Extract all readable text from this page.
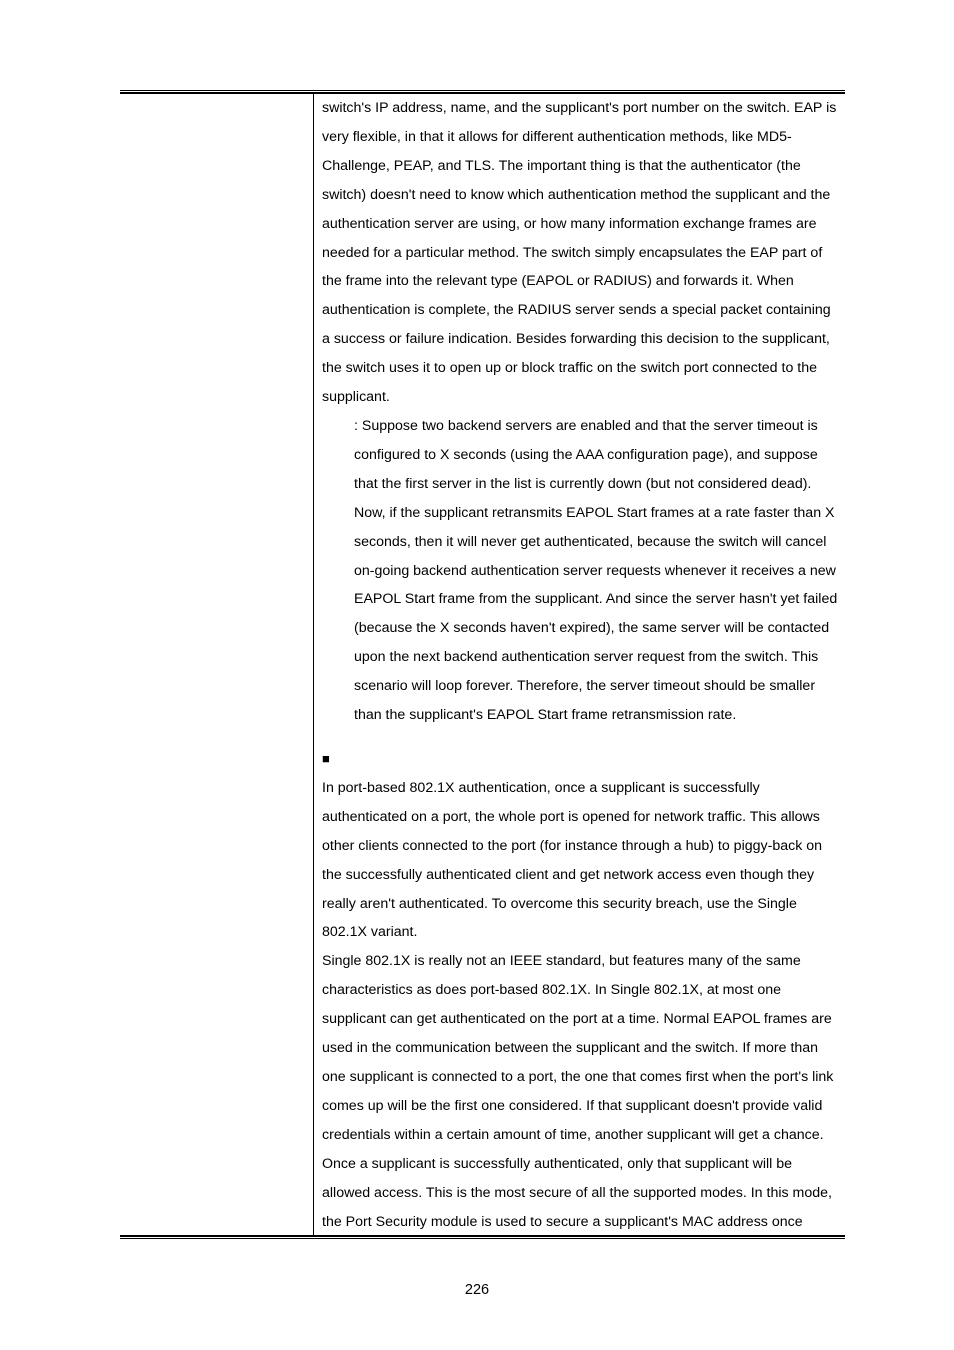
switch's IP address, name, and the supplicant's port number on the switch. EAP is very flexible, in that it allows for different authentication methods, like MD5-Challenge, PEAP, and TLS. The important thing is that the authenticator (the switch) doesn't need to know which authentication method the supplicant and the authentication server are using, or how many information exchange frames are needed for a particular method. The switch simply encapsulates the EAP part of the frame into the relevant type (EAPOL or RADIUS) and forwards it. When authentication is complete, the RADIUS server sends a special packet containing a success or failure indication. Besides forwarding this decision to the supplicant, the switch uses it to open up or block traffic on the switch port connected to the supplicant.

: Suppose two backend servers are enabled and that the server timeout is configured to X seconds (using the AAA configuration page), and suppose that the first server in the list is currently down (but not considered dead). Now, if the supplicant retransmits EAPOL Start frames at a rate faster than X seconds, then it will never get authenticated, because the switch will cancel on-going backend authentication server requests whenever it receives a new EAPOL Start frame from the supplicant. And since the server hasn't yet failed (because the X seconds haven't expired), the same server will be contacted upon the next backend authentication server request from the switch. This scenario will loop forever. Therefore, the server timeout should be smaller than the supplicant's EAPOL Start frame retransmission rate.

■

In port-based 802.1X authentication, once a supplicant is successfully authenticated on a port, the whole port is opened for network traffic. This allows other clients connected to the port (for instance through a hub) to piggy-back on the successfully authenticated client and get network access even though they really aren't authenticated. To overcome this security breach, use the Single 802.1X variant.

Single 802.1X is really not an IEEE standard, but features many of the same characteristics as does port-based 802.1X. In Single 802.1X, at most one supplicant can get authenticated on the port at a time. Normal EAPOL frames are used in the communication between the supplicant and the switch. If more than one supplicant is connected to a port, the one that comes first when the port's link comes up will be the first one considered. If that supplicant doesn't provide valid credentials within a certain amount of time, another supplicant will get a chance. Once a supplicant is successfully authenticated, only that supplicant will be allowed access. This is the most secure of all the supported modes. In this mode, the Port Security module is used to secure a supplicant's MAC address once

226
